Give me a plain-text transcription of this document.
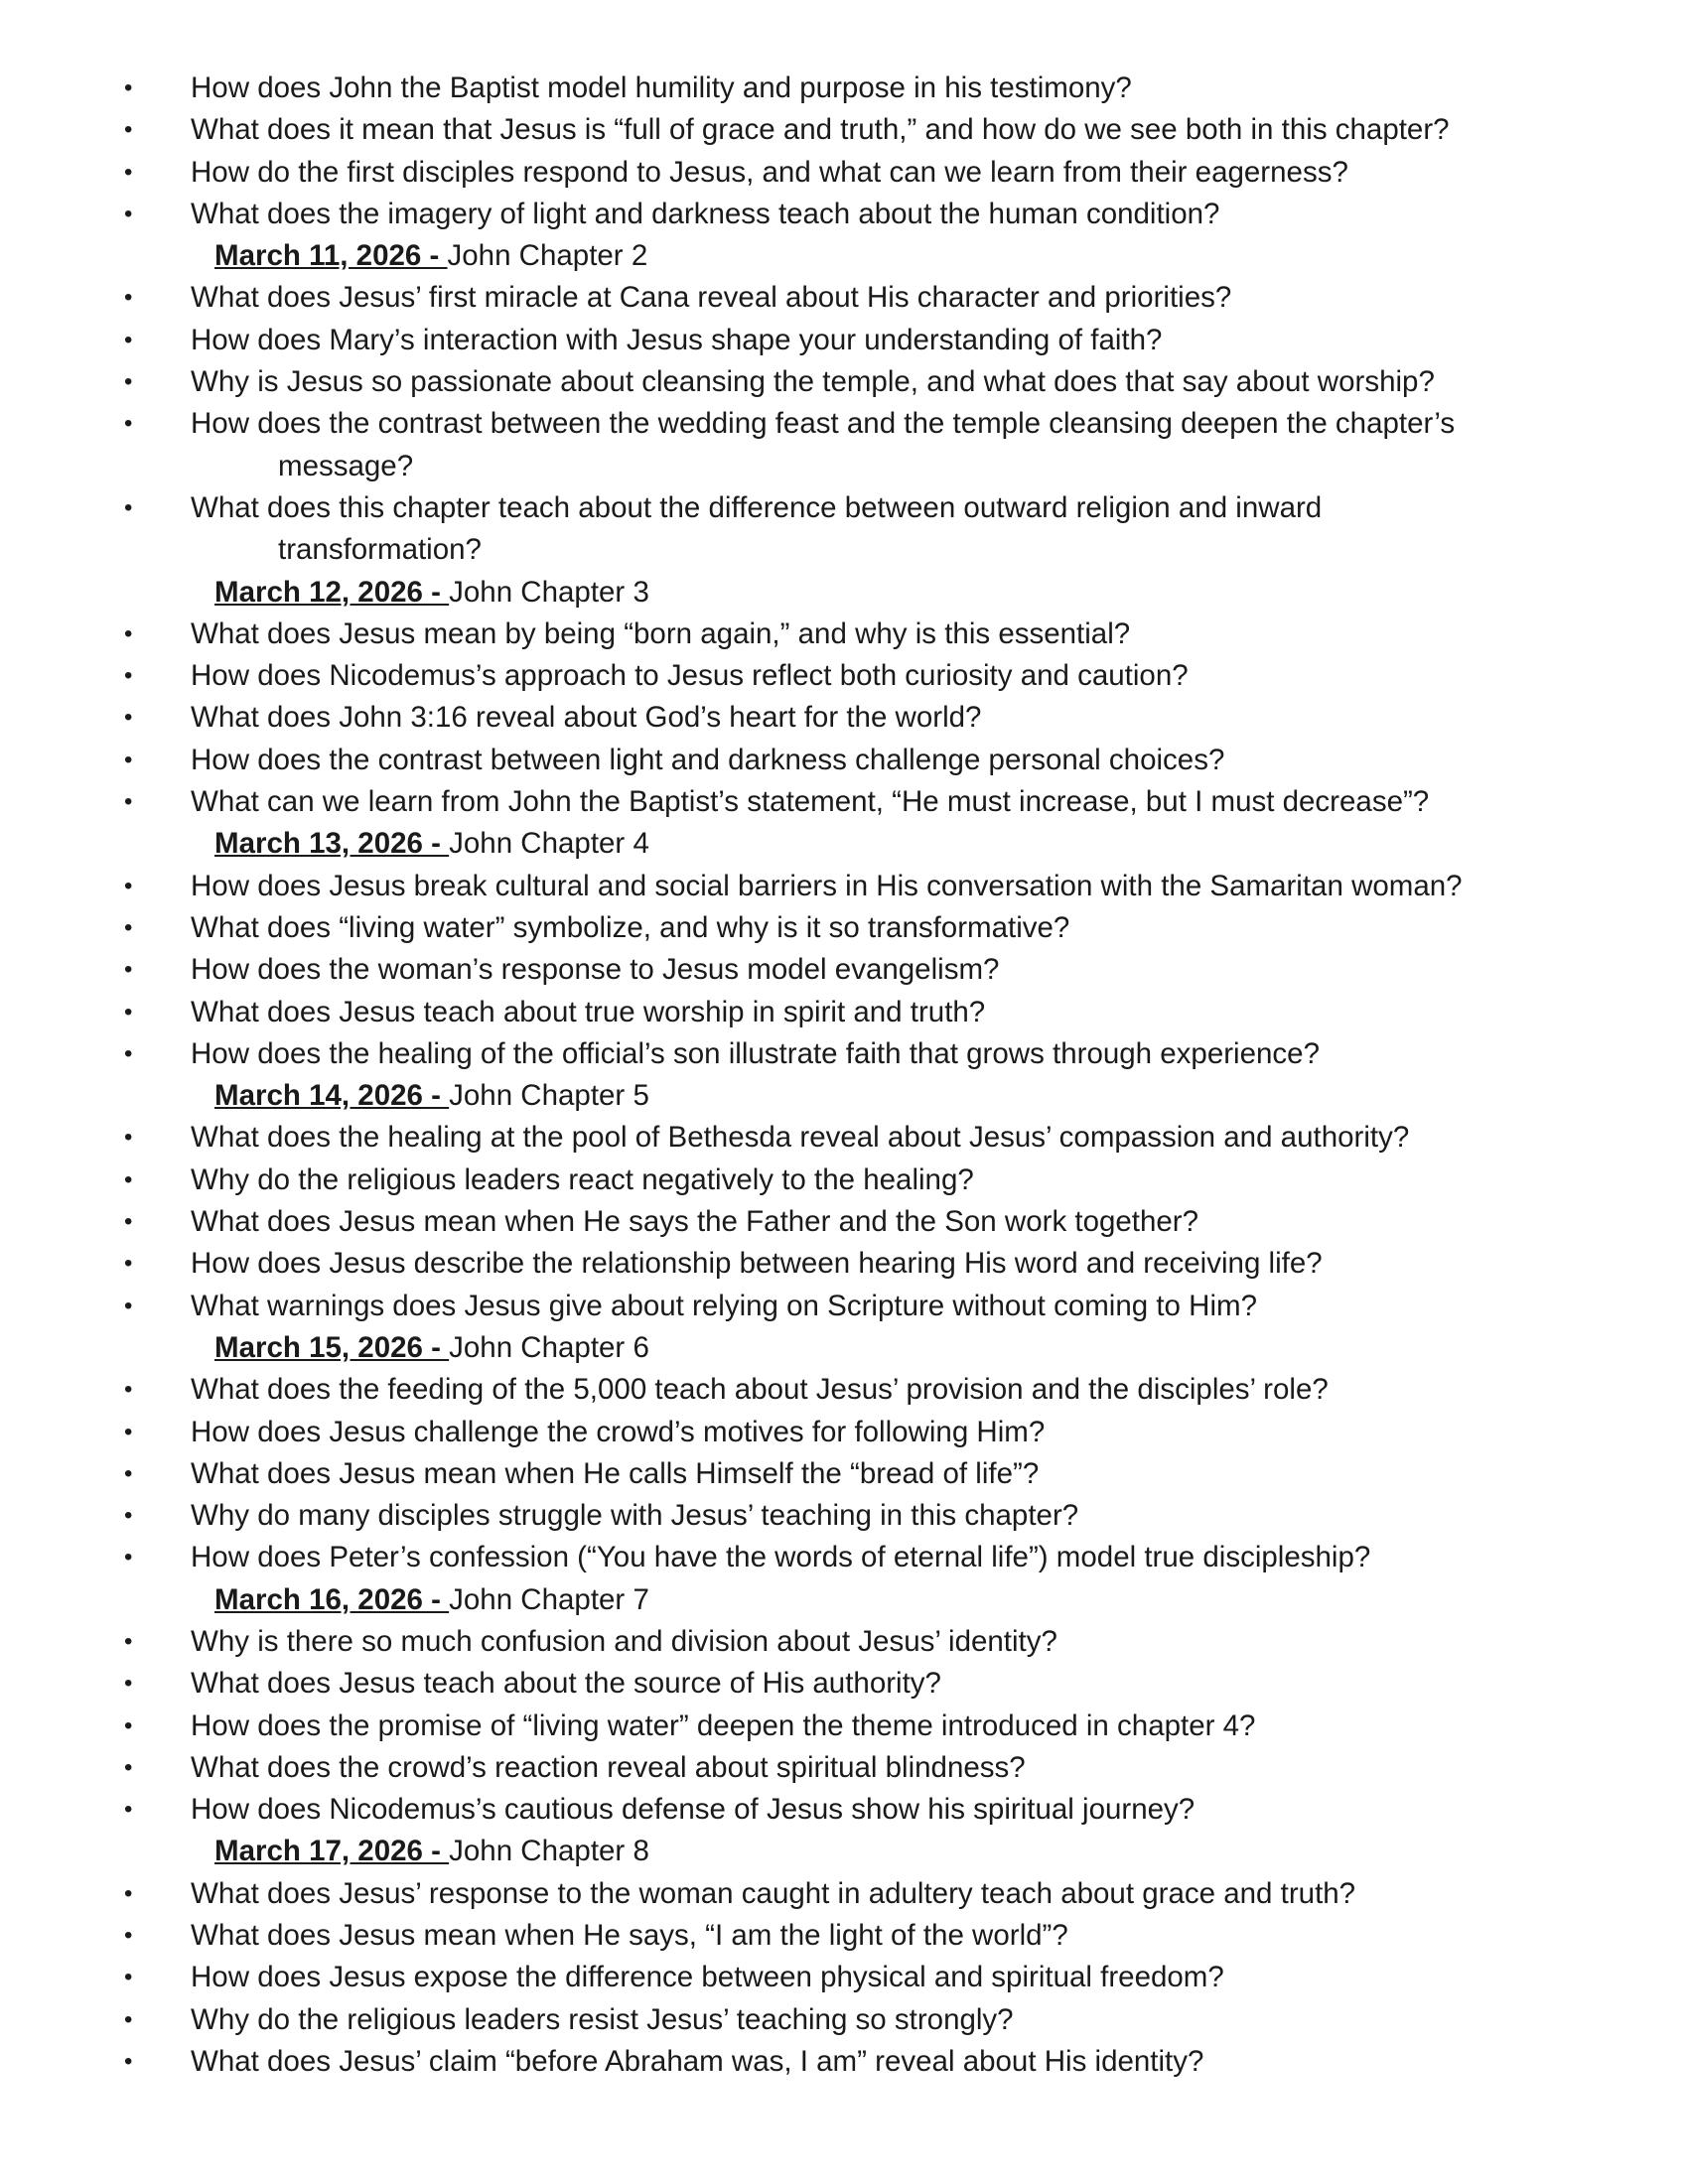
• How does John the Baptist model humility and purpose in his testimony?
• What does it mean that Jesus is “full of grace and truth,” and how do we see both in this chapter?
• How do the first disciples respond to Jesus, and what can we learn from their eagerness?
• What does the imagery of light and darkness teach about the human condition?
March 11, 2026 - John Chapter 2
• What does Jesus’ first miracle at Cana reveal about His character and priorities?
• How does Mary’s interaction with Jesus shape your understanding of faith?
• Why is Jesus so passionate about cleansing the temple, and what does that say about worship?
• How does the contrast between the wedding feast and the temple cleansing deepen the chapter’s
message?
• What does this chapter teach about the difference between outward religion and inward
transformation?
March 12, 2026 - John Chapter 3
• What does Jesus mean by being “born again,” and why is this essential?
• How does Nicodemus’s approach to Jesus reflect both curiosity and caution?
• What does John 3:16 reveal about God’s heart for the world?
• How does the contrast between light and darkness challenge personal choices?
• What can we learn from John the Baptist’s statement, “He must increase, but I must decrease”?
March 13, 2026 - John Chapter 4
• How does Jesus break cultural and social barriers in His conversation with the Samaritan woman?
• What does “living water” symbolize, and why is it so transformative?
• How does the woman’s response to Jesus model evangelism?
• What does Jesus teach about true worship in spirit and truth?
• How does the healing of the official’s son illustrate faith that grows through experience?
March 14, 2026 - John Chapter 5
• What does the healing at the pool of Bethesda reveal about Jesus’ compassion and authority?
• Why do the religious leaders react negatively to the healing?
• What does Jesus mean when He says the Father and the Son work together?
• How does Jesus describe the relationship between hearing His word and receiving life?
• What warnings does Jesus give about relying on Scripture without coming to Him?
March 15, 2026 - John Chapter 6
• What does the feeding of the 5,000 teach about Jesus’ provision and the disciples’ role?
• How does Jesus challenge the crowd’s motives for following Him?
• What does Jesus mean when He calls Himself the “bread of life”?
• Why do many disciples struggle with Jesus’ teaching in this chapter?
• How does Peter’s confession (“You have the words of eternal life”) model true discipleship?
March 16, 2026 - John Chapter 7
• Why is there so much confusion and division about Jesus’ identity?
• What does Jesus teach about the source of His authority?
• How does the promise of “living water” deepen the theme introduced in chapter 4?
• What does the crowd’s reaction reveal about spiritual blindness?
• How does Nicodemus’s cautious defense of Jesus show his spiritual journey?
March 17, 2026 - John Chapter 8
• What does Jesus’ response to the woman caught in adultery teach about grace and truth?
• What does Jesus mean when He says, “I am the light of the world”?
• How does Jesus expose the difference between physical and spiritual freedom?
• Why do the religious leaders resist Jesus’ teaching so strongly?
• What does Jesus’ claim “before Abraham was, I am” reveal about His identity?
